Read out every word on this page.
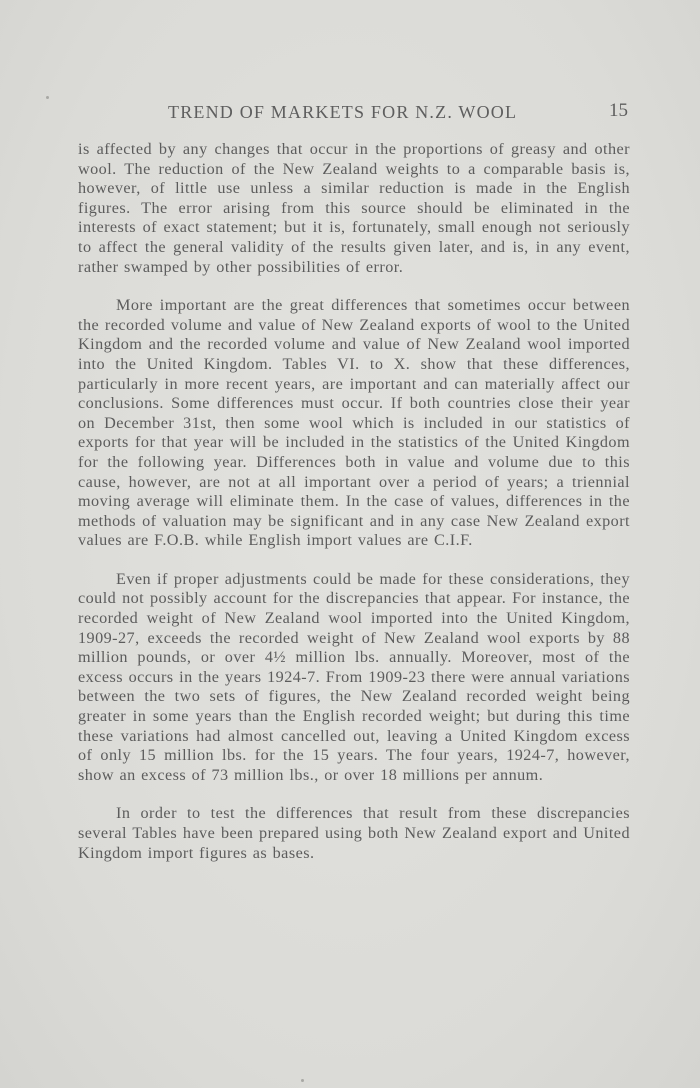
TREND OF MARKETS FOR N.Z. WOOL	15

is affected by any changes that occur in the proportions of greasy and other wool. The reduction of the New Zealand weights to a comparable basis is, however, of little use unless a similar reduction is made in the English figures. The error arising from this source should be eliminated in the interests of exact statement; but it is, fortunately, small enough not seriously to affect the general validity of the results given later, and is, in any event, rather swamped by other possibilities of error.

More important are the great differences that sometimes occur between the recorded volume and value of New Zealand exports of wool to the United Kingdom and the recorded volume and value of New Zealand wool imported into the United Kingdom. Tables VI. to X. show that these differences, particularly in more recent years, are important and can materially affect our conclusions. Some differences must occur. If both countries close their year on December 31st, then some wool which is included in our statistics of exports for that year will be included in the statistics of the United Kingdom for the following year. Differences both in value and volume due to this cause, however, are not at all important over a period of years; a triennial moving average will eliminate them. In the case of values, differences in the methods of valuation may be significant and in any case New Zealand export values are F.O.B. while English import values are C.I.F.

Even if proper adjustments could be made for these considerations, they could not possibly account for the discrepancies that appear. For instance, the recorded weight of New Zealand wool imported into the United Kingdom, 1909-27, exceeds the recorded weight of New Zealand wool exports by 88 million pounds, or over 4½ million lbs. annually. Moreover, most of the excess occurs in the years 1924-7. From 1909-23 there were annual variations between the two sets of figures, the New Zealand recorded weight being greater in some years than the English recorded weight; but during this time these variations had almost cancelled out, leaving a United Kingdom excess of only 15 million lbs. for the 15 years. The four years, 1924-7, however, show an excess of 73 million lbs., or over 18 millions per annum.

In order to test the differences that result from these discrepancies several Tables have been prepared using both New Zealand export and United Kingdom import figures as bases.
